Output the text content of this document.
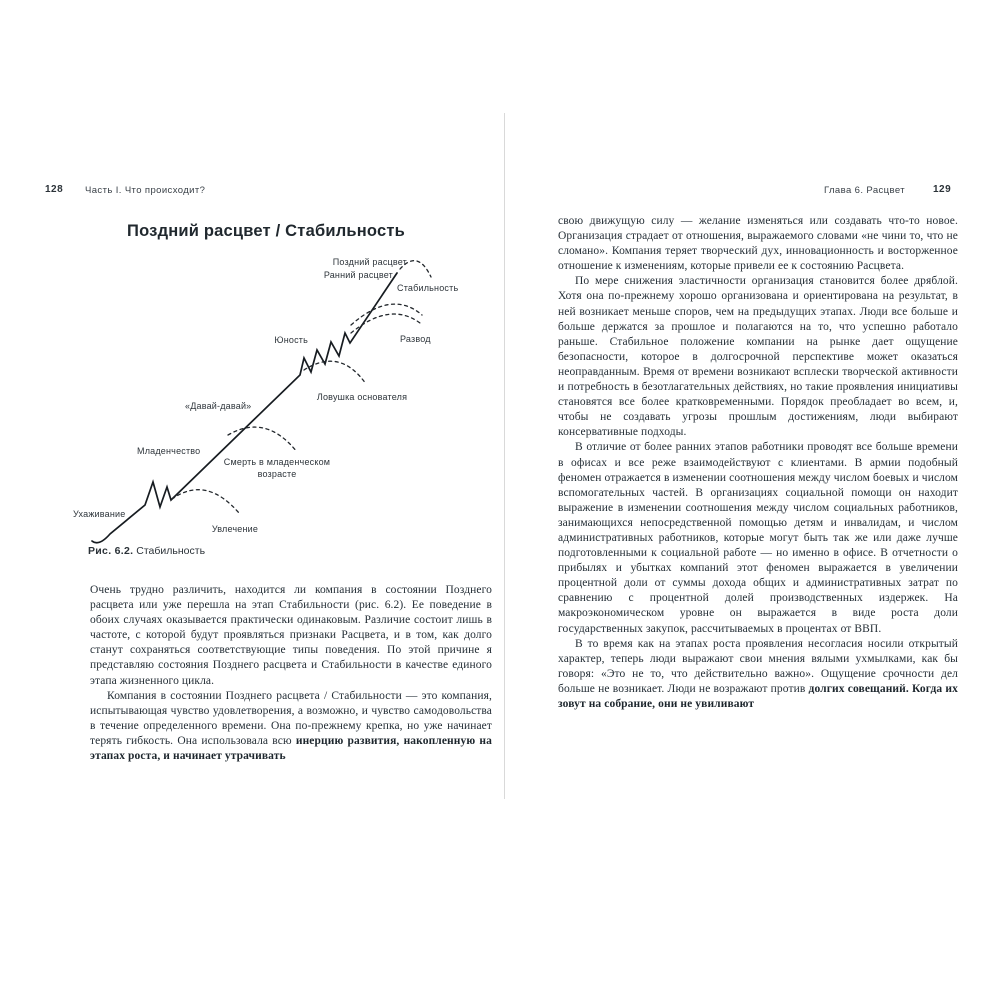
128 Часть I. Что происходит?
Поздний расцвет / Стабильность
Поздний расцвет
Ранний расцвет
Стабильность
Развод
Юность
Ловушка основателя
«Давай-давай»
Младенчество
Смерть в младенческом
возрасте
Ухаживание
Увлечение
Рис. 6.2. Стабильность

Очень трудно различить, находится ли компания в состоянии Позднего расцвета или уже перешла на этап Стабильности (рис. 6.2). Ее поведение в обоих случаях оказывается практически одинаковым. Различие состоит лишь в частоте, с которой будут проявляться признаки Расцвета, и в том, как долго станут сохраняться соответствующие типы поведения. По этой причине я представляю состояния Позднего расцвета и Стабильности в качестве единого этапа жизненного цикла.

Компания в состоянии Позднего расцвета / Стабильности — это компания, испытывающая чувство удовлетворения, а возможно, и чувство самодовольства в течение определенного времени. Она по-прежнему крепка, но уже начинает терять гибкость. Она использовала всю инерцию развития, накопленную на этапах роста, и начинает утрачивать

Глава 6. Расцвет	129

свою движущую силу — желание изменяться или создавать что-то новое. Организация страдает от отношения, выражаемого словами «не чини то, что не сломано». Компания теряет творческий дух, инновационность и восторженное отношение к изменениям, которые привели ее к состоянию Расцвета.

По мере снижения эластичности организация становится более дряблой. Хотя она по-прежнему хорошо организована и ориентирована на результат, в ней возникает меньше споров, чем на предыдущих этапах. Люди все больше и больше держатся за прошлое и полагаются на то, что успешно работало раньше. Стабильное положение компании на рынке дает ощущение безопасности, которое в долгосрочной перспективе может оказаться неоправданным. Время от времени возникают всплески творческой активности и потребность в безотлагательных действиях, но такие проявления инициативы становятся все более кратковременными. Порядок преобладает во всем, и, чтобы не создавать угрозы прошлым достижениям, люди выбирают консервативные подходы.

В отличие от более ранних этапов работники проводят все больше времени в офисах и все реже взаимодействуют с клиентами. В армии подобный феномен отражается в изменении соотношения между числом боевых и числом вспомогательных частей. В организациях социальной помощи он находит выражение в изменении соотношения между числом социальных работников, занимающихся непосредственной помощью детям и инвалидам, и числом административных работников, которые могут быть так же или даже лучше подготовленными к социальной работе — но именно в офисе. В отчетности о прибылях и убытках компаний этот феномен выражается в увеличении процентной доли от суммы дохода общих и административных затрат по сравнению с процентной долей производственных издержек. На макроэкономическом уровне он выражается в виде роста доли государственных закупок, рассчитываемых в процентах от ВВП.

В то время как на этапах роста проявления несогласия носили открытый характер, теперь люди выражают свои мнения вялыми ухмылками, как бы говоря: «Это не то, что действительно важно». Ощущение срочности дел больше не возникает. Люди не возражают против долгих совещаний. Когда их зовут на собрание, они не увиливают
